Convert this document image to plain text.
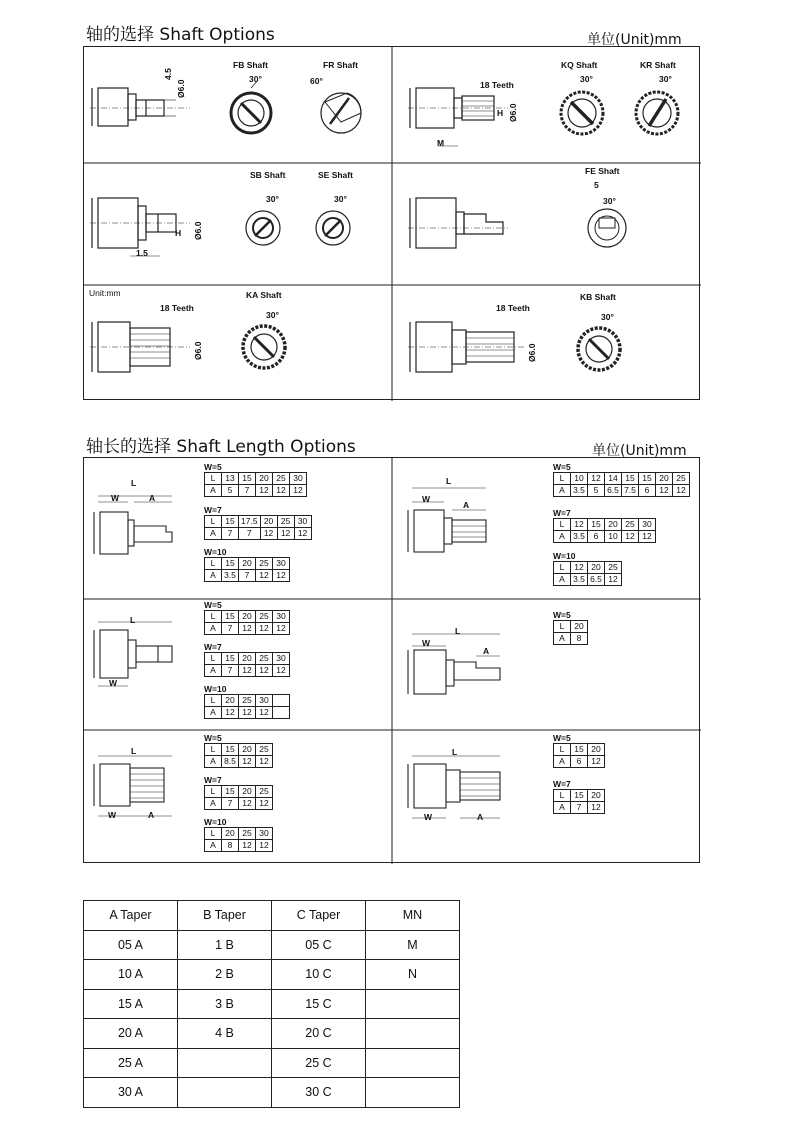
轴的选择 Shaft Options	单位(Unit)mm
4.5
Ø6.0
FB Shaft
30°
FR Shaft
60°	18 Teeth
M
H Ø6.0
KQ Shaft
30°
KR Shaft
30°
1.5
H Ø6.0
SB Shaft
30°
SE Shaft
30°
FE Shaft
5
30°
Unit:mm
18 Teeth
Ø6.0
KA Shaft
30°
18 Teeth
Ø6.0
KB Shaft
30°
轴长的选择 Shaft Length Options	单位(Unit)mm
W	A
L
W
A
L
L
W
L
W
A
L
W	A
L
W	A
W=5
L	13	15	20	25	30
A	5	7	12	12	12
W=7
L	15	17.5	20	25	30
A	7	7	12	12	12
W=10
L	15	20	25	30
A	3.5	7	12	12
W=5
L	10	12	14	15	15	20	25
A	3.5	5	6.5	7.5	6	12	12
W=7
L	12	15	20	25	30
A	3.5	6	10	12	12
W=10
L	12	20	25
A	3.5	6.5	12
W=5
L	15	20	25	30
A	7	12	12	12
W=7
L	15	20	25	30
A	7	12	12	12
W=10
L	20	25	30	
A	12	12	12	
W=5
L	20
A	8
W=5
L	15	20	25
A	8.5	12	12
W=7
L	15	20	25
A	7	12	12
W=10
L	20	25	30
A	8	12	12
W=5
L	15	20
A	6	12
W=7
L	15	20
A	7	12
A Taper	B Taper	C Taper	MN
05 A	1 B	05 C	M
10 A	2 B	10 C	N
15 A	3 B	15 C	
20 A	4 B	20 C	
25 A		25 C	
30 A		30 C	
